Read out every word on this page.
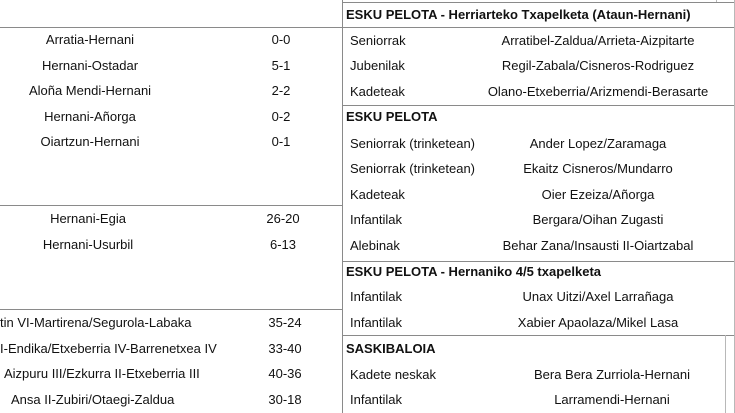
Arratia-Hernani	0-0
Hernani-Ostadar	5-1
Aloña Mendi-Hernani	2-2
Hernani-Añorga	0-2
Oiartzun-Hernani	0-1
Hernani-Egia	26-20
Hernani-Usurbil	6-13
tin VI-Martirena/Segurola-Labaka	35-24
I-Endika/Etxeberria IV-Barrenetxea IV	33-40
Aizpuru III/Ezkurra II-Etxeberria III	40-36
Ansa II-Zubiri/Otaegi-Zaldua	30-18
ESKU PELOTA - Herriarteko Txapelketa (Ataun-Hernani)
Seniorrak	Arratibel-Zaldua/Arrieta-Aizpitarte
Jubenilak	Regil-Zabala/Cisneros-Rodriguez
Kadeteak	Olano-Etxeberria/Arizmendi-Berasarte
ESKU PELOTA
Seniorrak (trinketean)	Ander Lopez/Zaramaga
Seniorrak (trinketean)	Ekaitz Cisneros/Mundarro
Kadeteak	Oier Ezeiza/Añorga
Infantilak	Bergara/Oihan Zugasti
Alebinak	Behar Zana/Insausti II-Oiartzabal
ESKU PELOTA - Hernaniko 4/5 txapelketa
Infantilak	Unax Uitzi/Axel Larrañaga
Infantilak	Xabier Apaolaza/Mikel Lasa
SASKIBALOIA
Kadete neskak	Bera Bera Zurriola-Hernani
Infantilak	Larramendi-Hernani
